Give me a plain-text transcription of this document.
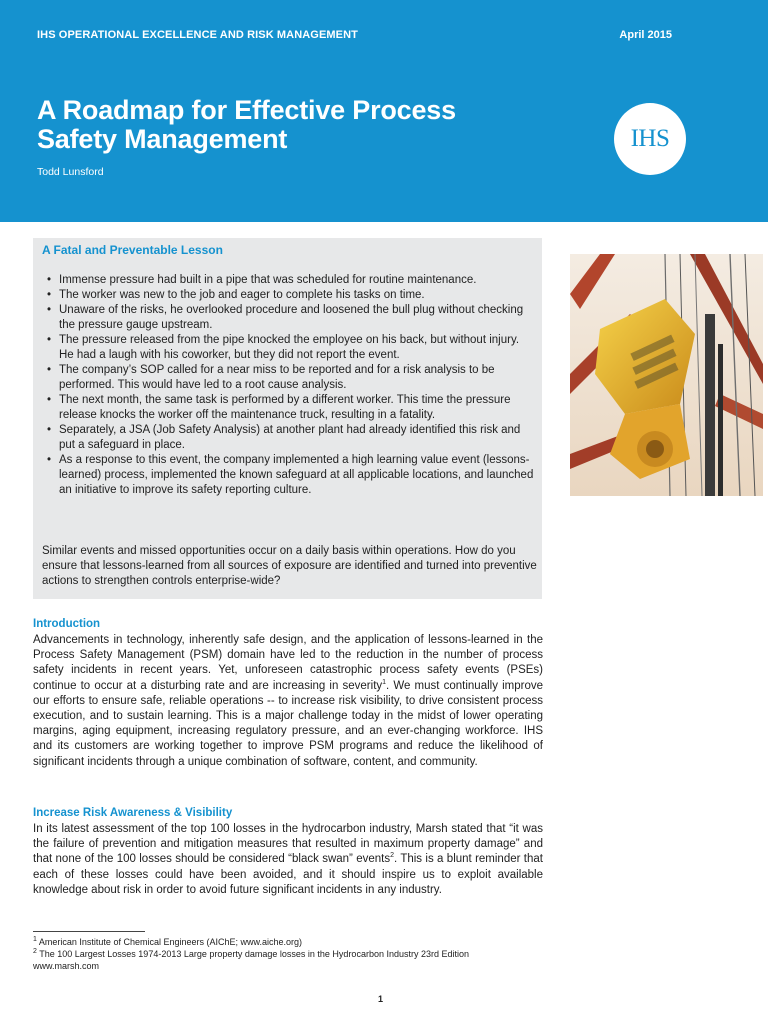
IHS OPERATIONAL EXCELLENCE AND RISK MANAGEMENT	April 2015
A Roadmap for Effective Process
Safety Management
Todd Lunsford
IHS
A Fatal and Preventable Lesson
• Immense pressure had built in a pipe that was scheduled for routine maintenance.
• The worker was new to the job and eager to complete his tasks on time.
• Unaware of the risks, he overlooked procedure and loosened the bull plug without checking the pressure gauge upstream.
• The pressure released from the pipe knocked the employee on his back, but without injury. He had a laugh with his coworker, but they did not report the event.
• The company’s SOP called for a near miss to be reported and for a risk analysis to be performed. This would have led to a root cause analysis.
• The next month, the same task is performed by a different worker. This time the pressure release knocks the worker off the maintenance truck, resulting in a fatality.
• Separately, a JSA (Job Safety Analysis) at another plant had already identified this risk and put a safeguard in place.
• As a response to this event, the company implemented a high learning value event (lessons-learned) process, implemented the known safeguard at all applicable locations, and launched an initiative to improve its safety reporting culture.
Similar events and missed opportunities occur on a daily basis within operations. How do you ensure that lessons-learned from all sources of exposure are identified and turned into preventive actions to strengthen controls enterprise-wide?
Introduction

Advancements in technology, inherently safe design, and the application of lessons-learned in the Process Safety Management (PSM) domain have led to the reduction in the number of process safety incidents in recent years. Yet, unforeseen catastrophic process safety events (PSEs) continue to occur at a disturbing rate and are increasing in severity$^1$. We must continually improve our efforts to ensure safe, reliable operations -- to increase risk visibility, to drive consistent process execution, and to sustain learning. This is a major challenge today in the midst of lower operating margins, aging equipment, increasing regulatory pressure, and an ever-changing workforce. IHS and its customers are working together to improve PSM programs and reduce the likelihood of significant incidents through a unique combination of software, content, and community.

Increase Risk Awareness & Visibility

In its latest assessment of the top 100 losses in the hydrocarbon industry, Marsh stated that “it was the failure of prevention and mitigation measures that resulted in maximum property damage” and that none of the 100 losses should be considered “black swan” events$^2$. This is a blunt reminder that each of these losses could have been avoided, and it should inspire us to exploit available knowledge about risk in order to avoid future significant incidents in any industry.

$^1$ American Institute of Chemical Engineers (AIChE; www.aiche.org)
$^2$ The 100 Largest Losses 1974-2013 Large property damage losses in the Hydrocarbon Industry 23rd Edition
www.marsh.com
1
